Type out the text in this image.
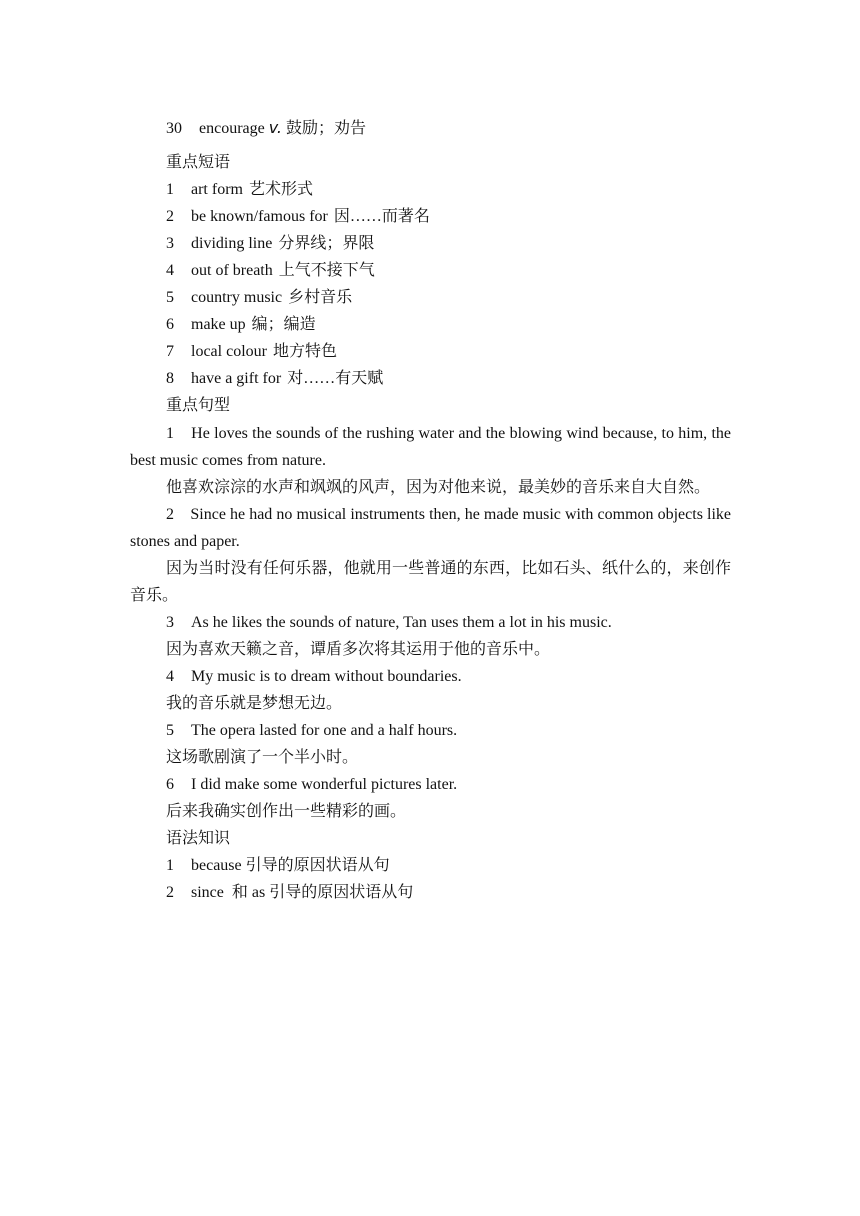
30 encourage v. 鼓励；劝告
重点短语
1 art form 艺术形式
2 be known/famous for 因……而著名
3 dividing line 分界线；界限
4 out of breath 上气不接下气
5 country music 乡村音乐
6 make up 编；编造
7 local colour 地方特色
8 have a gift for 对……有天赋
重点句型

1 He loves the sounds of the rushing water and the blowing wind because, to him, the best music comes from nature.

他喜欢淙淙的水声和飒飒的风声，因为对他来说，最美妙的音乐来自大自然。

2 Since he had no musical instruments then, he made music with common objects like stones and paper.

因为当时没有任何乐器，他就用一些普通的东西，比如石头、纸什么的，来创作音乐。

3 As he likes the sounds of nature, Tan uses them a lot in his music.
因为喜欢天籁之音，谭盾多次将其运用于他的音乐中。
4 My music is to dream without boundaries.
我的音乐就是梦想无边。
5 The opera lasted for one and a half hours.
这场歌剧演了一个半小时。
6 I did make some wonderful pictures later.
后来我确实创作出一些精彩的画。
语法知识
1 because 引导的原因状语从句
2 since  和 as 引导的原因状语从句
